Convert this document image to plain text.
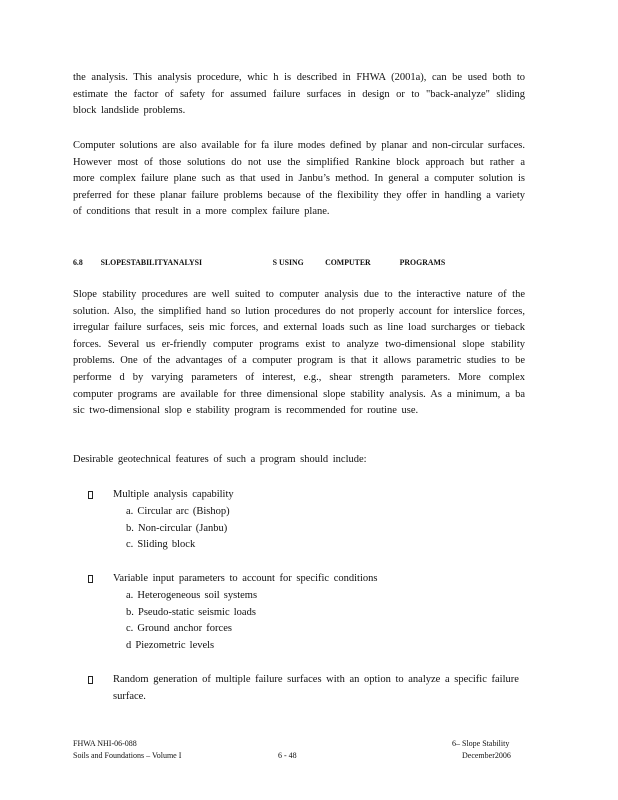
the analysis. This analysis procedure, whic h is described in FHWA (2001a), can be used both to estimate the factor of safety for assumed failure surfaces in design or to "back-analyze" sliding block landslide problems.

Computer solutions are also available for fa ilure modes defined by planar and non-circular surfaces. However most of those solutions do not use the simplified Rankine block approach but rather a more complex failure plane such as that used in Janbu’s method. In general a computer solution is preferred for these planar failure problems because of the flexibility they offer in handling a variety of conditions that result in a more complex failure plane.

6.8 SLOPESTABILITYANALYSI	S USING	COMPUTER	PROGRAMS

Slope stability procedures are well suited to computer analysis due to the interactive nature of the solution. Also, the simplified hand so lution procedures do not properly account for interslice forces, irregular failure surfaces, seis mic forces, and external loads such as line load surcharges or tieback forces. Several us er-friendly computer programs exist to analyze two-dimensional slope stability problems. One of the advantages of a computer program is that it allows parametric studies to be performe d by varying parameters of interest, e.g., shear strength parameters. More complex computer programs are available for three dimensional slope stability analysis. As a minimum, a ba sic two-dimensional slop e stability program is recommended for routine use.

Desirable geotechnical features of such a program should include:

Multiple analysis capability
a. Circular arc (Bishop)
b. Non-circular (Janbu)
c. Sliding block
Variable input parameters to account for specific conditions
a. Heterogeneous soil systems
b. Pseudo-static seismic loads
c. Ground anchor forces
d Piezometric levels
Random generation of multiple failure surfaces with an option to analyze a specific failure surface.
FHWA NHI-06-088
Soils and Foundations – Volume I	6 - 48
6– Slope Stability
December2006
